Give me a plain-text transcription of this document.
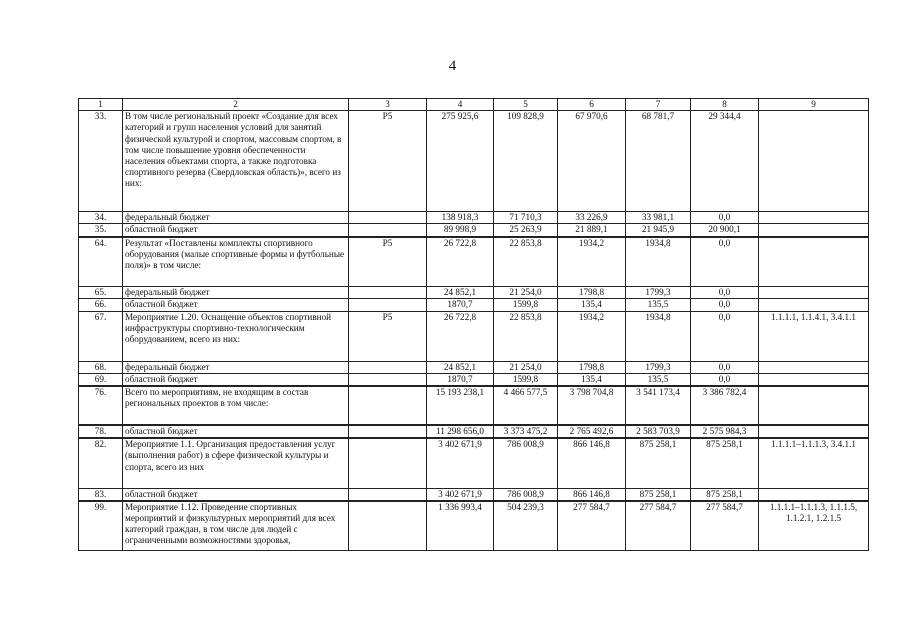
4
1	2	3	4	5	6	7	8	9
33.	В том числе региональный проект «Создание для всех категорий и групп населения условий для занятий физической культурой и спортом, массовым спортом, в том числе повышение уровня обеспеченности населения объектами спорта, а также подготовка спортивного резерва (Свердловская область)», всего из них:	Р5	275 925,6	109 828,9	67 970,6	68 781,7	29 344,4	
34.	федеральный бюджет		138 918,3	71 710,3	33 226,9	33 981,1	0,0	
35.	областной бюджет		89 998,9	25 263,9	21 889,1	21 945,9	20 900,1	
64.	Результат «Поставлены комплекты спортивного оборудования (малые спортивные формы и футбольные поля)» в том числе:	Р5	26 722,8	22 853,8	1934,2	1934,8	0,0	
65.	федеральный бюджет		24 852,1	21 254,0	1798,8	1799,3	0,0	
66.	областной бюджет		1870,7	1599,8	135,4	135,5	0,0	
67.	Мероприятие 1.20. Оснащение объектов спортивной инфраструктуры спортивно-технологическим оборудованием, всего из них:	Р5	26 722,8	22 853,8	1934,2	1934,8	0,0	1.1.1.1, 1.1.4.1, 3.4.1.1
68.	федеральный бюджет		24 852,1	21 254,0	1798,8	1799,3	0,0	
69.	областной бюджет		1870,7	1599,8	135,4	135,5	0,0	
76.	Всего по мероприятиям, не входящим в состав региональных проектов в том числе:		15 193 238,1	4 466 577,5	3 798 704,8	3 541 173,4	3 386 782,4	
78.	областной бюджет		11 298 656,0	3 373 475,2	2 765 492,6	2 583 703,9	2 575 984,3	
82.	Мероприятие 1.1. Организация предоставления услуг (выполнения работ) в сфере физической культуры и спорта, всего из них		3 402 671,9	786 008,9	866 146,8	875 258,1	875 258,1	1.1.1.1–1.1.1.3, 3.4.1.1
83.	областной бюджет		3 402 671,9	786 008,9	866 146,8	875 258,1	875 258,1	
99.	Мероприятие 1.12. Проведение спортивных мероприятий и физкультурных мероприятий для всех категорий граждан, в том числе для людей с ограниченными возможностями здоровья,		1 336 993,4	504 239,3	277 584,7	277 584,7	277 584,7	1.1.1.1–1.1.1.3, 1.1.1.5, 1.1.2.1, 1.2.1.5
